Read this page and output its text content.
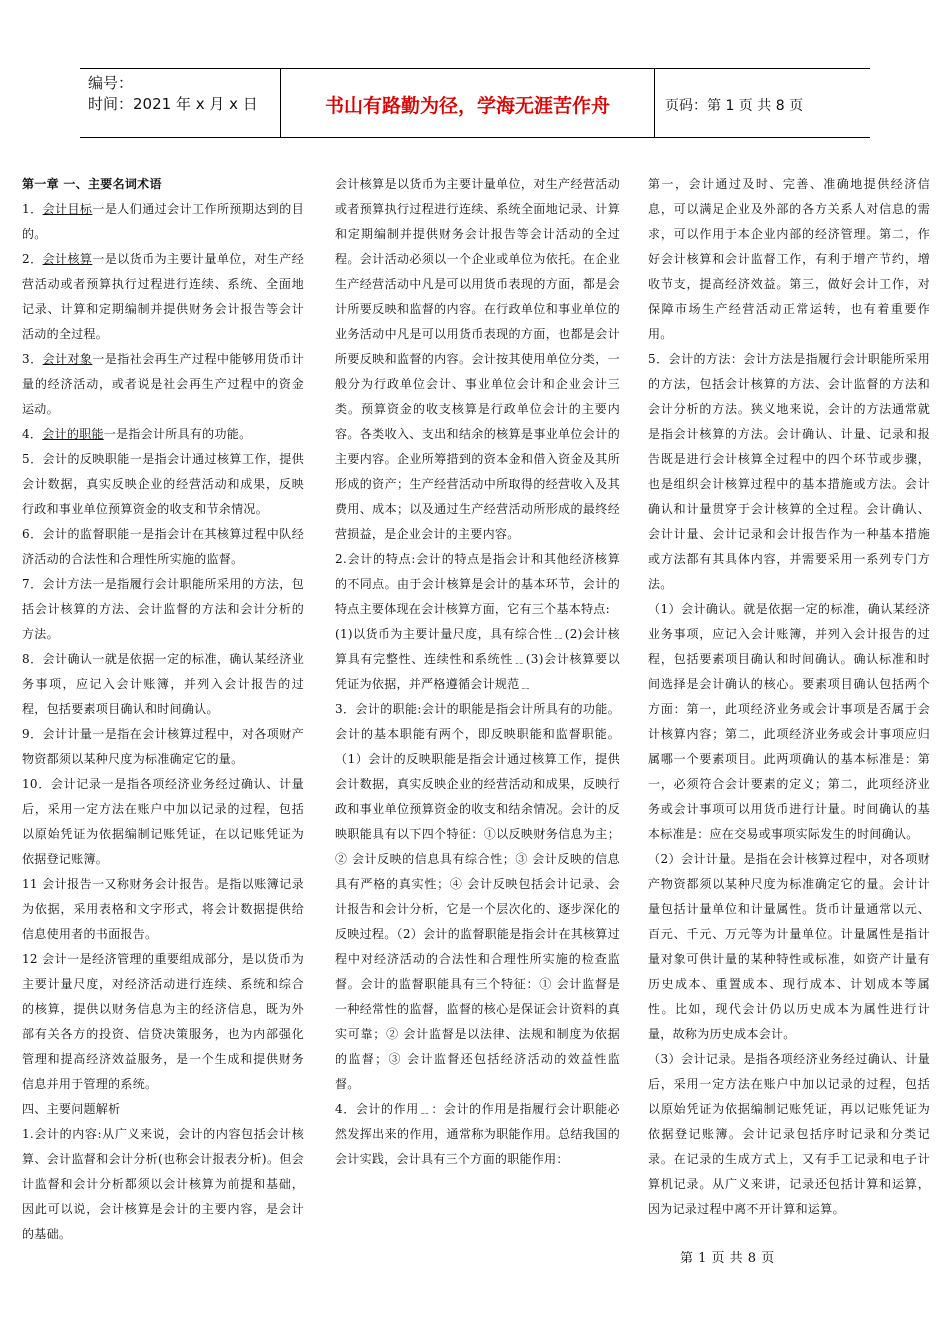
编号：
时间：2021 年 x 月 x 日	书山有路勤为径，学海无涯苦作舟	页码：第 1 页 共 8 页

第一章 一、主要名词术语

1．会计目标一是人们通过会计工作所预期达到的目的。

2．会计核算一是以货币为主要计量单位，对生产经营活动或者预算执行过程进行连续、系统、全面地记录、计算和定期编制并提供财务会计报告等会计活动的全过程。

3．会计对象一是指社会再生产过程中能够用货币计量的经济活动，或者说是社会再生产过程中的资金运动。

4．会计的职能一是指会计所具有的功能。

5．会计的反映职能一是指会计通过核算工作，提供会计数据，真实反映企业的经营活动和成果，反映行政和事业单位预算资金的收支和节余情况。

6．会计的监督职能一是指会计在其核算过程中队经济活动的合法性和合理性所实施的监督。

7．会计方法一是指履行会计职能所采用的方法，包括会计核算的方法、会计监督的方法和会计分析的方法。

8．会计确认一就是依据一定的标准，确认某经济业务事项，应记入会计账簿，并列入会计报告的过程，包括要素项目确认和时间确认。

9．会计计量一是指在会计核算过程中，对各项财产物资都须以某种尺度为标准确定它的量。

10．会计记录一是指各项经济业务经过确认、计量后，采用一定方法在账户中加以记录的过程，包括以原始凭证为依据编制记账凭证，在以记账凭证为依据登记账簿。

11 会计报告一又称财务会计报告。是指以账簿记录为依据，采用表格和文字形式，将会计数据提供给信息使用者的书面报告。

12 会计一是经济管理的重要组成部分，是以货币为主要计量尺度，对经济活动进行连续、系统和综合的核算，提供以财务信息为主的经济信息，既为外部有关各方的投资、信贷决策服务，也为内部强化管理和提高经济效益服务，是一个生成和提供财务信息并用于管理的系统。

四、主要问题解析

1.会计的内容:从广义来说，会计的内容包括会计核算、会计监督和会计分析(也称会计报表分析)。但会计监督和会计分析都须以会计核算为前提和基础，因此可以说，会计核算是会计的主要内容，是会计的基础。

会计核算是以货币为主要计量单位，对生产经营活动或者预算执行过程进行连续、系统全面地记录、计算和定期编制并提供财务会计报告等会计活动的全过程。会计活动必须以一个企业或单位为依托。在企业生产经营活动中凡是可以用货币表现的方面，都是会计所要反映和监督的内容。在行政单位和事业单位的业务活动中凡是可以用货币表现的方面，也都是会计所要反映和监督的内容。会计按其使用单位分类，一般分为行政单位会计、事业单位会计和企业会计三类。预算资金的收支核算是行政单位会计的主要内容。各类收入、支出和结余的核算是事业单位会计的主要内容。企业所筹措到的资本金和借入资金及其所形成的资产；生产经营活动中所取得的经营收入及其费用、成本；以及通过生产经营活动所形成的最终经营损益，是企业会计的主要内容。

2.会计的特点:会计的特点是指会计和其他经济核算的不同点。由于会计核算是会计的基本环节，会计的特点主要体现在会计核算方面，它有三个基本特点:

(1)以货币为主要计量尺度，具有综合性﹎(2)会计核算具有完整性、连续性和系统性﹎(3)会计核算要以凭证为依据，并严格遵循会计规范﹎

3．会计的职能:会计的职能是指会计所具有的功能。会计的基本职能有两个，即反映职能和监督职能。（1）会计的反映职能是指会计通过核算工作，提供会计数据，真实反映企业的经营活动和成果，反映行政和事业单位预算资金的收支和结余情况。会计的反映职能具有以下四个特征：①以反映财务信息为主；② 会计反映的信息具有综合性；③ 会计反映的信息具有严格的真实性；④ 会计反映包括会计记录、会计报告和会计分析，它是一个层次化的、逐步深化的反映过程。（2）会计的监督职能是指会计在其核算过程中对经济活动的合法性和合理性所实施的检查监督。会计的监督职能具有三个特征：① 会计监督是一种经常性的监督，监督的核心是保证会计资料的真实可靠；② 会计监督是以法律、法规和制度为依据的监督；③ 会计监督还包括经济活动的效益性监督。

4．会计的作用﹎：会计的作用是指履行会计职能必然发挥出来的作用，通常称为职能作用。总结我国的会计实践，会计具有三个方面的职能作用：

第一，会计通过及时、完善、准确地提供经济信息，可以满足企业及外部的各方关系人对信息的需求，可以作用于本企业内部的经济管理。第二，作好会计核算和会计监督工作，有利于增产节约，增收节支，提高经济效益。第三，做好会计工作，对保障市场生产经营活动正常运转，也有着重要作用。

5．会计的方法：会计方法是指履行会计职能所采用的方法，包括会计核算的方法、会计监督的方法和会计分析的方法。狭义地来说，会计的方法通常就是指会计核算的方法。会计确认、计量、记录和报告既是进行会计核算全过程中的四个环节或步骤，也是组织会计核算过程中的基本措施或方法。会计确认和计量贯穿于会计核算的全过程。会计确认、会计计量、会计记录和会计报告作为一种基本措施或方法都有其具体内容，并需要采用一系列专门方法。

（1）会计确认。就是依据一定的标准，确认某经济业务事项，应记入会计账簿，并列入会计报告的过程，包括要素项目确认和时间确认。确认标准和时间选择是会计确认的核心。要素项目确认包括两个方面：第一，此项经济业务或会计事项是否属于会计核算内容；第二，此项经济业务或会计事项应归属哪一个要素项目。此两项确认的基本标准是：第一，必须符合会计要素的定义；第二，此项经济业务或会计事项可以用货币进行计量。时间确认的基本标准是：应在交易或事项实际发生的时间确认。

（2）会计计量。是指在会计核算过程中，对各项财产物资都须以某种尺度为标准确定它的量。会计计量包括计量单位和计量属性。货币计量通常以元、百元、千元、万元等为计量单位。计量属性是指计量对象可供计量的某种特性或标准，如资产计量有历史成本、重置成本、现行成本、计划成本等属性。比如，现代会计仍以历史成本为属性进行计量，故称为历史成本会计。

（3）会计记录。是指各项经济业务经过确认、计量后，采用一定方法在账户中加以记录的过程，包括以原始凭证为依据编制记账凭证，再以记账凭证为依据登记账簿。会计记录包括序时记录和分类记录。在记录的生成方式上，又有手工记录和电子计算机记录。从广义来讲，记录还包括计算和运算，因为记录过程中离不开计算和运算。

第 1 页 共 8 页
